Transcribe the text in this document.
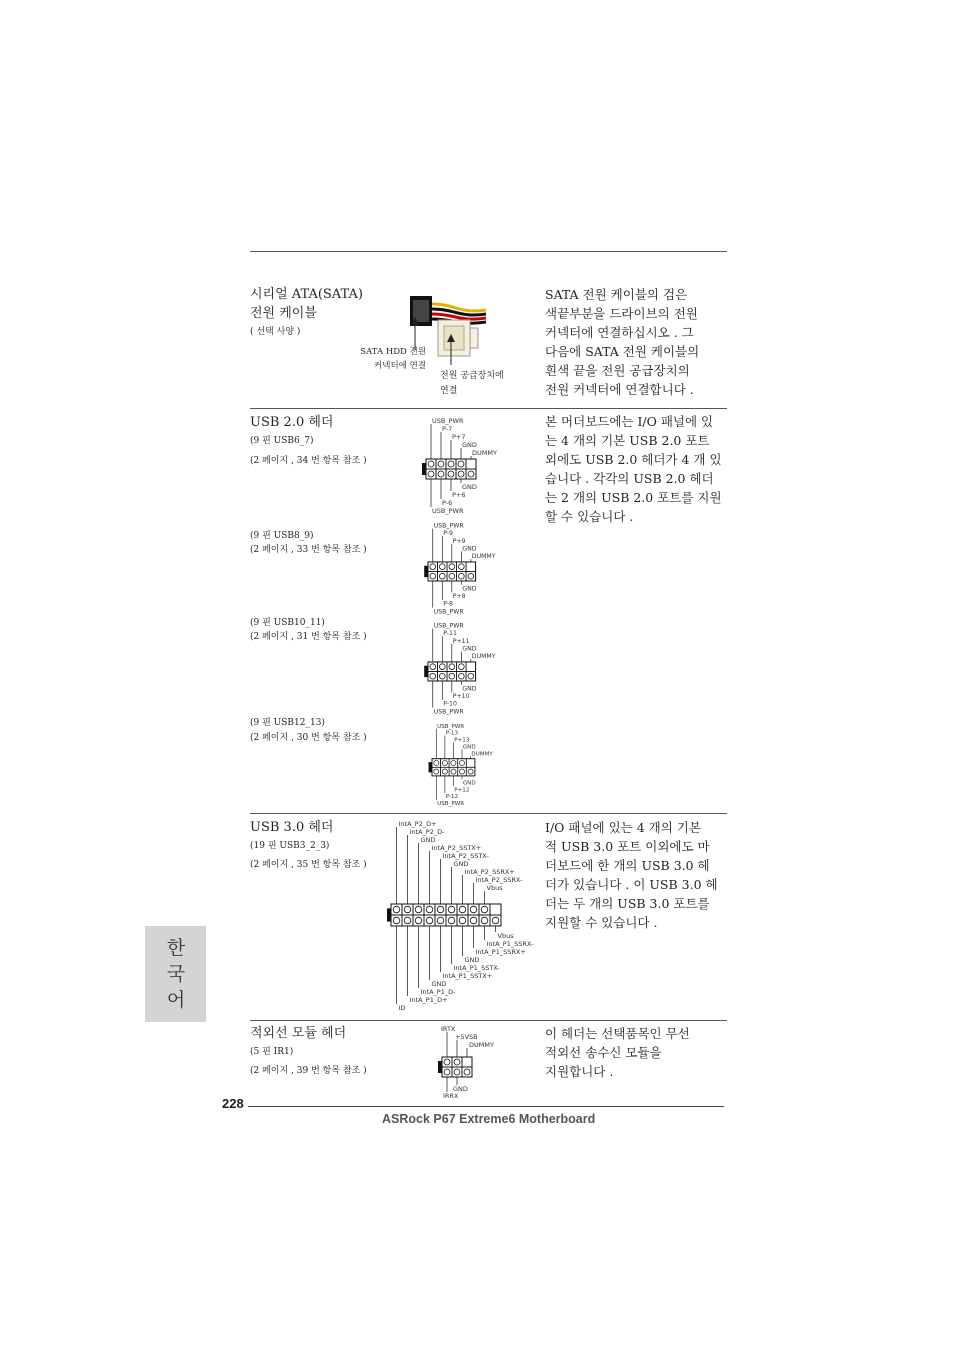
시리얼 ATA(SATA)
전원 케이블
( 선택 사양 )
SATA HDD 전원
커넥터에 연결
전원 공급장치에
연결
SATA 전원 케이블의 검은
색끝부분을 드라이브의 전원
커넥터에 연결하십시오 . 그
다음에 SATA 전원 케이블의
흰색 끝을 전원 공급장치의
전원 커넥터에 연결합니다 .
USB 2.0 헤더
(9 핀 USB6_7)
(2 페이지 , 34 번 항목 참조 )
(9 핀 USB8_9)
(2 페이지 , 33 번 항목 참조 )
(9 핀 USB10_11)
(2 페이지 , 31 번 항목 참조 )
(9 핀 USB12_13)
(2 페이지 , 30 번 항목 참조 )
USB_PWR
P-7
P+7
GND
DUMMY
GND
P+6
P-6
USB_PWR
USB_PWR
P-9
P+9
GND
DUMMY
GND
P+8
P-8
USB_PWR
USB_PWR
P-11
P+11
GND
DUMMY
GND
P+10
P-10
USB_PWR
USB_PWR
P-13
P+13
GND
DUMMY
GND
P+12
P-12
USB_PWR
본 머더보드에는 I/O 패널에 있
는 4 개의 기본 USB 2.0 포트
외에도 USB 2.0 헤더가 4 개 있
습니다 . 각각의 USB 2.0 헤더
는 2 개의 USB 2.0 포트를 지원
할 수 있습니다 .
USB 3.0 헤더
(19 핀 USB3_2_3)
(2 페이지 , 35 번 항목 참조 )
IntA_P2_D+
IntA_P2_D-
GND
IntA_P2_SSTX+
IntA_P2_SSTX-
GND
IntA_P2_SSRX+
IntA_P2_SSRX-
Vbus
Vbus
IntA_P1_SSRX-
IntA_P1_SSRX+
GND
IntA_P1_SSTX-
IntA_P1_SSTX+
GND
IntA_P1_D-
IntA_P1_D+
ID
I/O 패널에 있는 4 개의 기본
적 USB 3.0 포트 이외에도 마
더보드에 한 개의 USB 3.0 헤
더가 있습니다 . 이 USB 3.0 헤
더는 두 개의 USB 3.0 포트를
지원할 수 있습니다 .
적외선 모듈 헤더
(5 핀 IR1)
(2 페이지 , 39 번 항목 참조 )
IRTX
+5VSB
DUMMY
GND
IRRX
이 헤더는 선택품목인 무선
적외선 송수신 모듈을
지원합니다 .
한
국
어
228
ASRock P67 Extreme6 Motherboard
